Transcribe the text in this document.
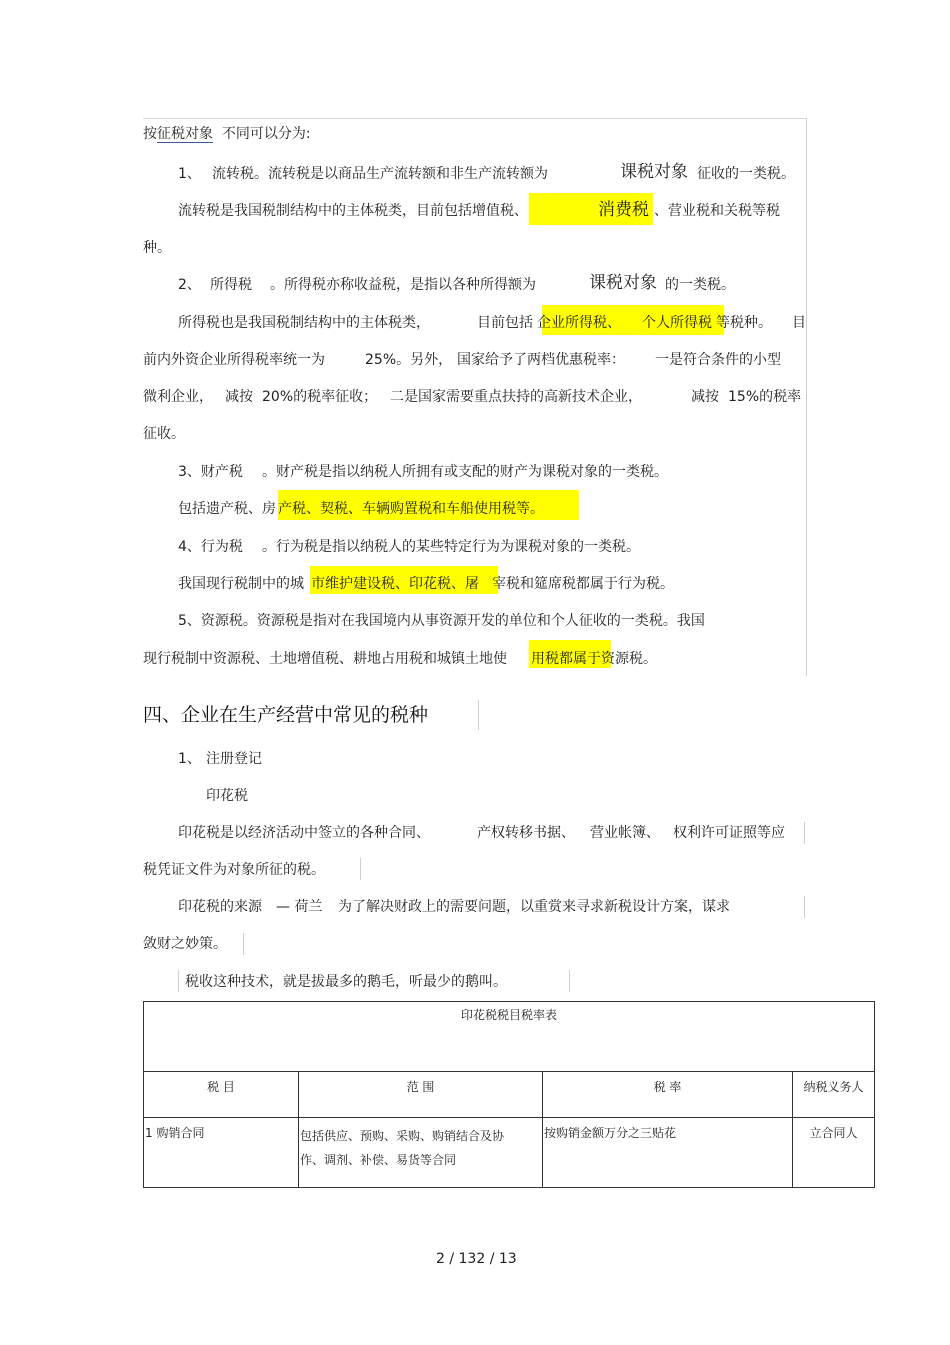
按征税对象 不同可以分为:
1、 流转税。流转税是以商品生产流转额和非生产流转额为	课税对象 征收的一类税。
流转税是我国税制结构中的主体税类，目前包括增值税、	消费税 、营业税和关税等税
种。
2、 所得税 。所得税亦称收益税，是指以各种所得额为	课税对象 的一类税。
所得税也是我国税制结构中的主体税类，	目前包括 企业所得税、 个人所得税 等税种。 目
前内外资企业所得税率统一为	25%。另外， 国家给予了两档优惠税率： 一是符合条件的小型
微利企业， 减按 20%的税率征收； 二是国家需要重点扶持的高新技术企业，	减按 15%的税率
征收。
3、财产税 。财产税是指以纳税人所拥有或支配的财产为课税对象的一类税。
包括遗产税、房 产税、契税、车辆购置税和车船使用税等。
4、行为税 。行为税是指以纳税人的某些特定行为为课税对象的一类税。
我国现行税制中的城 市维护建设税、印花税、屠 宰税和筵席税都属于行为税。
5、资源税。资源税是指对在我国境内从事资源开发的单位和个人征收的一类税。我国
现行税制中资源税、土地增值税、耕地占用税和城镇土地使 用税都属于 资源税。
四、企业在生产经营中常见的税种
1、 注册登记
印花税
印花税是以经济活动中签立的各种合同、	产权转移书据、 营业帐簿、 权利许可证照等应
税凭证文件为对象所征的税。
印花税的来源 — 荷兰 为了解决财政上的需要问题，以重赏来寻求新税设计方案，谋求
敛财之妙策。
税收这种技术，就是拔最多的鹅毛，听最少的鹅叫。
印花税税目税率表			
税 目	范 围	税 率	纳税义务人
1 购销合同	包括供应、预购、采购、购销结合及协
作、调剂、补偿、易货等合同	按购销金额万分之三贴花	立合同人
2 / 132 / 13
